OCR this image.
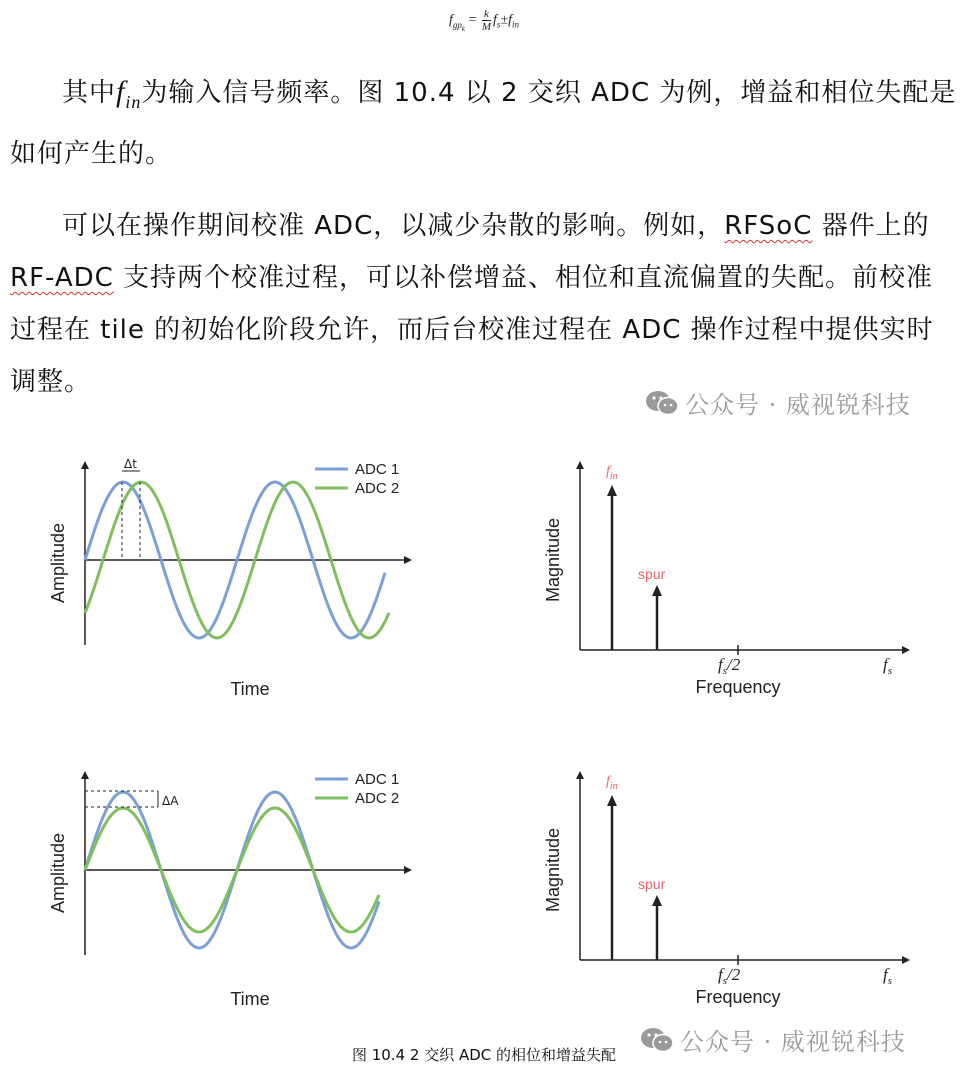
$f_{gp_k} = \frac{k}{M} f_s\pm f_{in}$
其中$f_{in}$为输入信号频率。图 10.4 以 2 交织 ADC 为例，增益和相位失配是如何产生的。
可以在操作期间校准 ADC，以减少杂散的影响。例如，RFSoC 器件上的 RF-ADC 支持两个校准过程，可以补偿增益、相位和直流偏置的失配。前校准过程在 tile 的初始化阶段允许，而后台校准过程在 ADC 操作过程中提供实时调整。
公众号 · 威视锐科技
公众号 · 威视锐科技
Δt	ADC 1
ADC 2
Time
Amplitude
$f_{in}$
spur
$f_s/2$	$f_s$
Frequency
Magnitude
ΔA
ADC 1
ADC 2
Time
Amplitude
$f_{in}$
spur
$f_s/2$	$f_s$
Frequency
Magnitude
图 10.4 2 交织 ADC 的相位和增益失配
